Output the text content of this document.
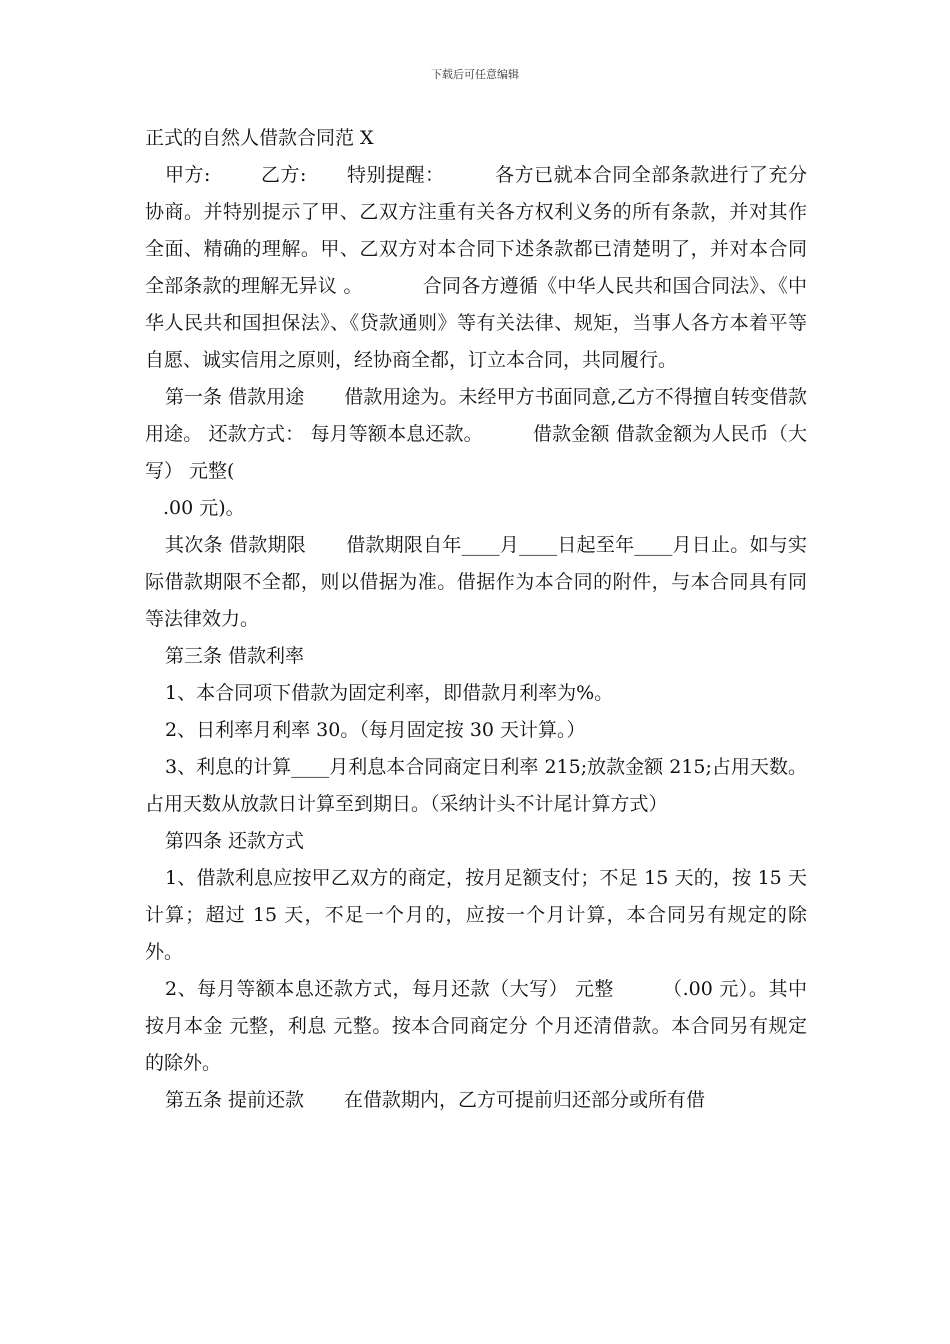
下载后可任意编辑

正式的自然人借款合同范 X

甲方:	乙方: 特别提醒：	各方已就本合同全部条款进行了充分协商。并特别提示了甲、乙双方注重有关各方权利义务的所有条款，并对其作全面、精确的理解。甲、乙双方对本合同下述条款都已清楚明了，并对本合同全部条款的理解无异议 。	合同各方遵循《中华人民共和国合同法》、《中华人民共和国担保法》、《贷款通则》等有关法律、规矩，当事人各方本着平等自愿、诚实信用之原则，经协商全都，订立本合同，共同履行。

第一条 借款用途 借款用途为。未经甲方书面同意,乙方不得擅自转变借款用途。 还款方式： 每月等额本息还款。	借款金额 借款金额为人民币（大写） 元整(

.00 元)。

其次条 借款期限 借款期限自年____月____日起至年____月日止。如与实际借款期限不全都，则以借据为准。借据作为本合同的附件，与本合同具有同等法律效力。

第三条 借款利率

1、本合同项下借款为固定利率，即借款月利率为%。

2、日利率月利率 30。（每月固定按 30 天计算。）

3、利息的计算____月利息本合同商定日利率 215;放款金额 215;占用天数。占用天数从放款日计算至到期日。（采纳计头不计尾计算方式）

第四条 还款方式

1、借款利息应按甲乙双方的商定，按月足额支付；不足 15 天的，按 15 天计算；超过 15 天，不足一个月的，应按一个月计算，本合同另有规定的除外。

2、每月等额本息还款方式，每月还款（大写） 元整　　　（.00 元）。其中按月本金 元整，利息 元整。按本合同商定分 个月还清借款。本合同另有规定的除外。

第五条 提前还款 在借款期内，乙方可提前归还部分或所有借
